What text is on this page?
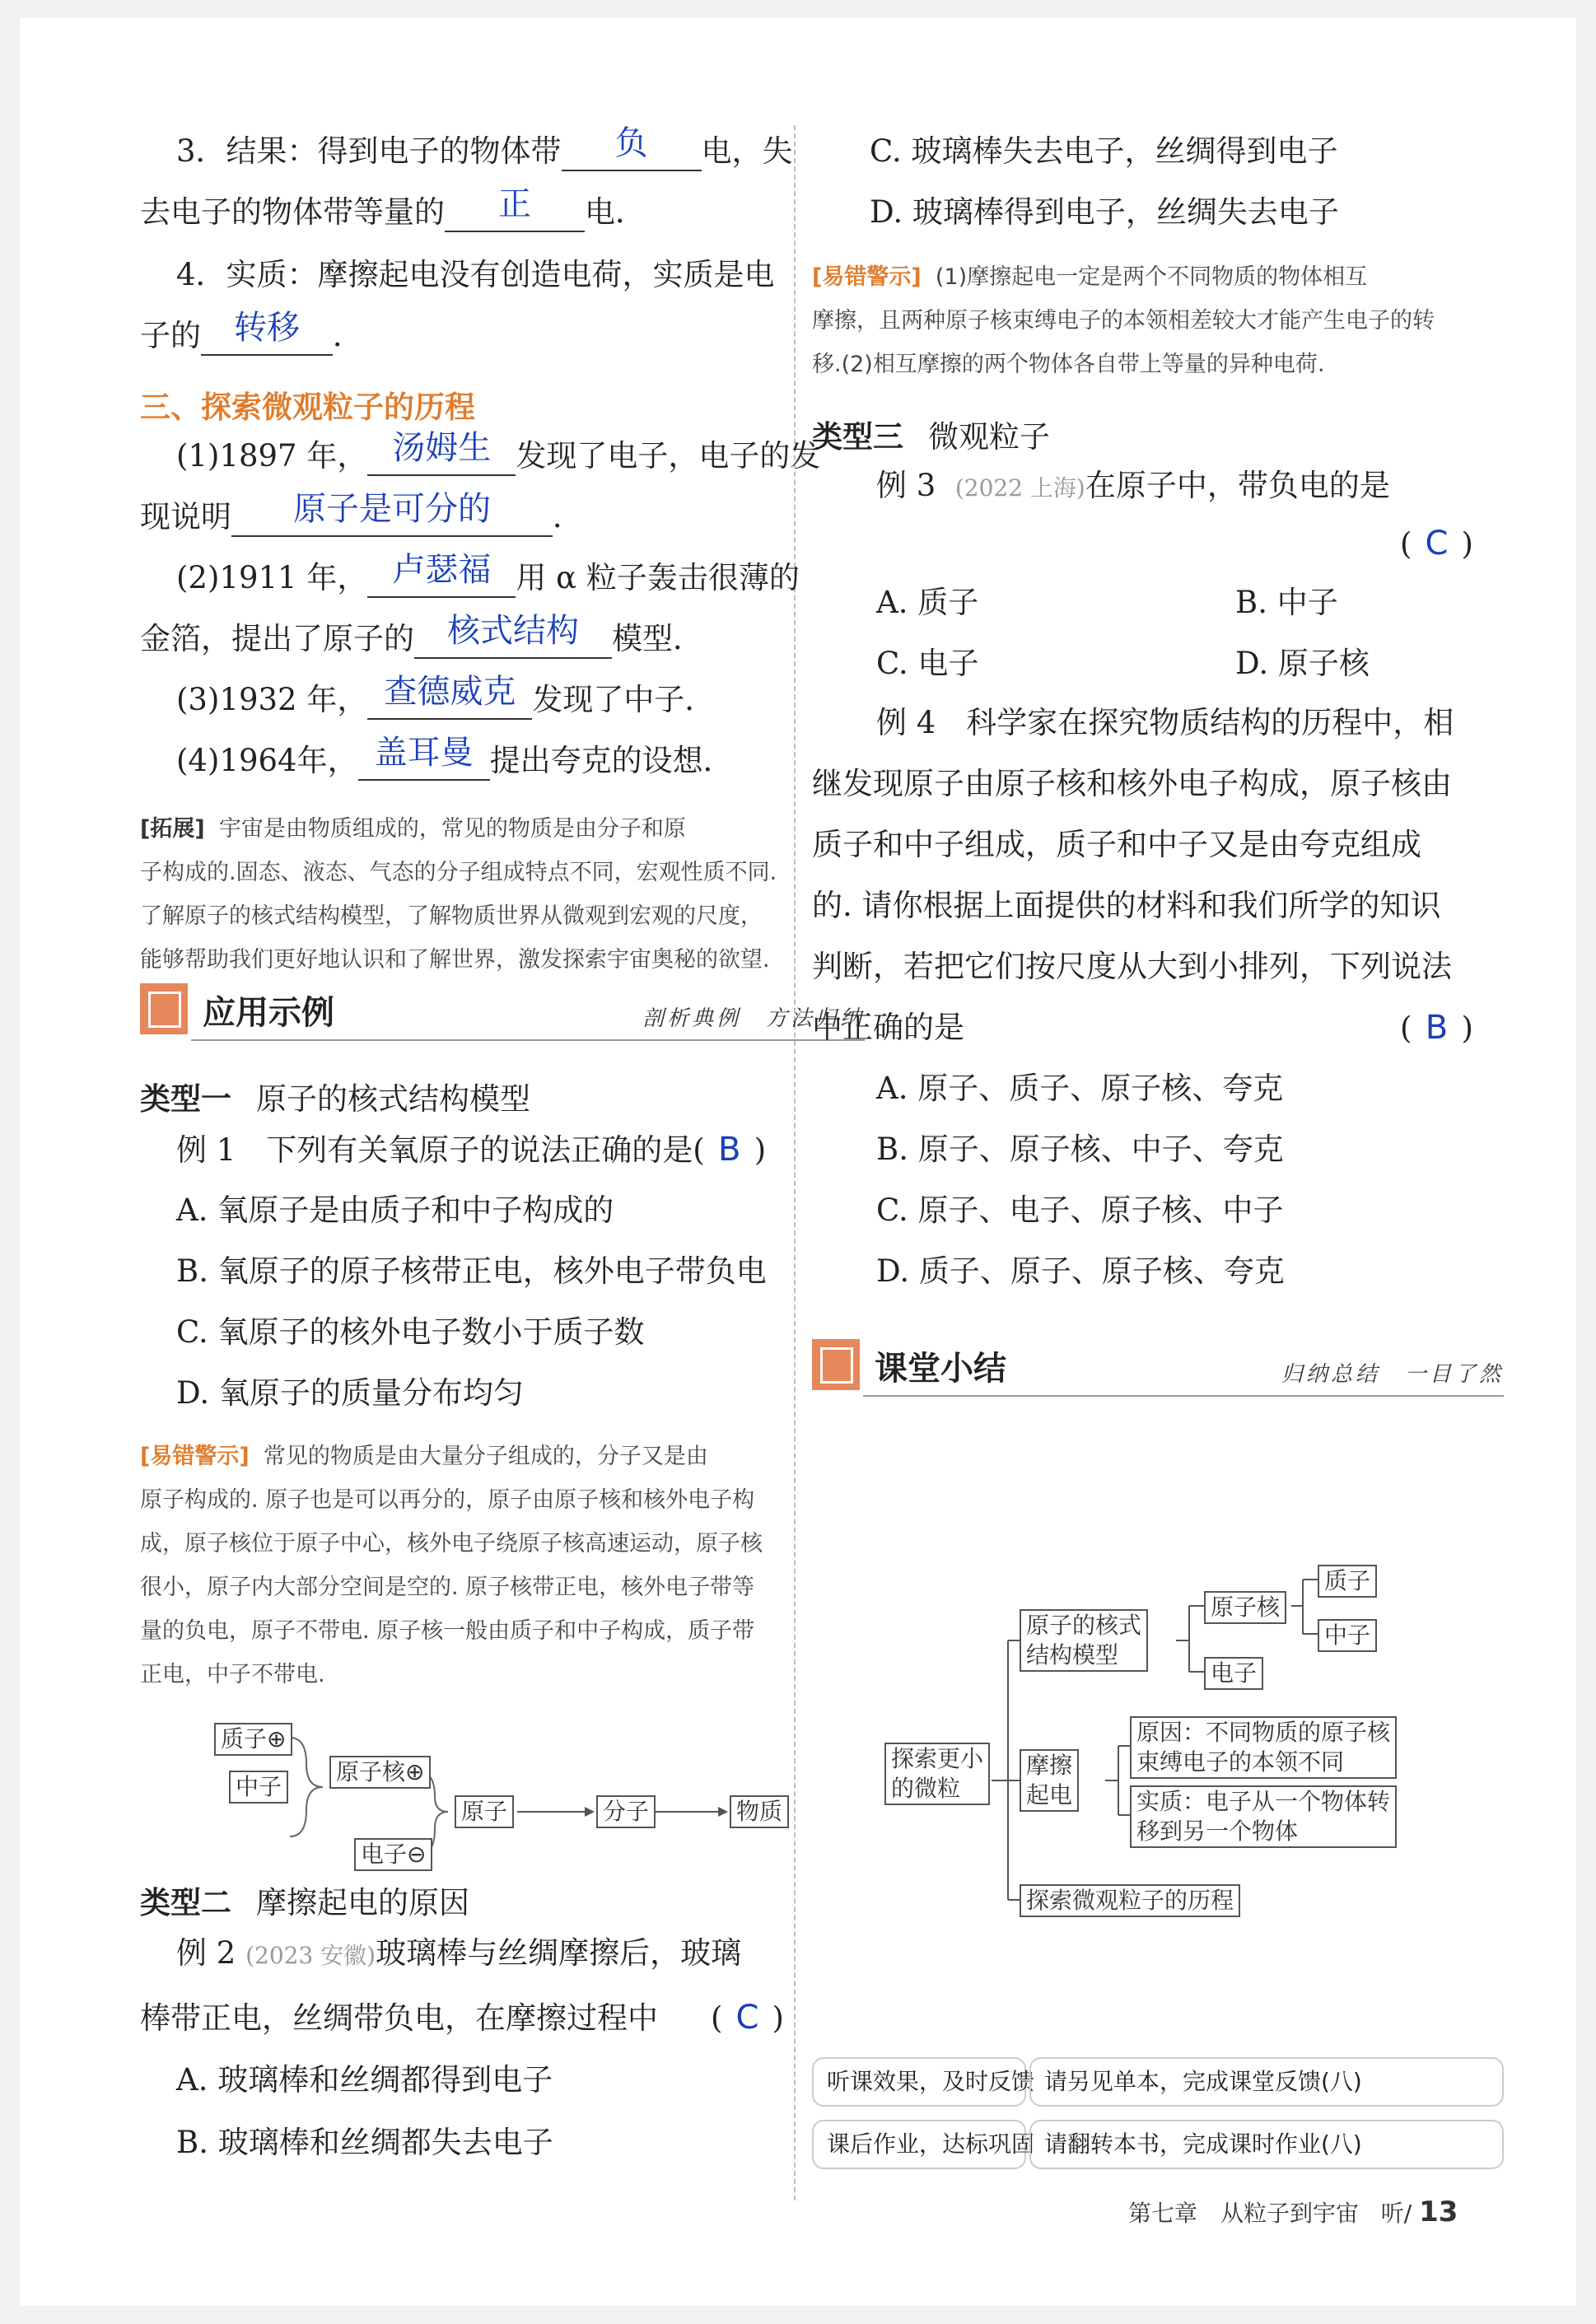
3．结果：得到电子的物体带	负	电，失
去电子的物体带等量的	正	电．
4．实质：摩擦起电没有创造电荷，实质是电
子的	转移	．
三、探索微观粒子的历程
(1)1897 年， 汤姆生 发现了电子，电子的发
现说明	原子是可分的	．
(2)1911 年， 卢瑟福 用 α 粒子轰击很薄的
金箔，提出了原子的	核式结构	模型．
(3)1932 年， 查德威克 发现了中子．
(4)1964年， 盖耳曼 提出夸克的设想．
[拓展] 宇宙是由物质组成的，常见的物质是由分子和原
子构成的.固态、液态、气态的分子组成特点不同，宏观性质不同.
了解原子的核式结构模型，了解物质世界从微观到宏观的尺度，
能够帮助我们更好地认识和了解世界，激发探索宇宙奥秘的欲望.
应用示例	剖析典例　方法归纳
类型一 原子的核式结构模型
例 1　下列有关氧原子的说法正确的是( B )
A. 氧原子是由质子和中子构成的
B. 氧原子的原子核带正电，核外电子带负电
C. 氧原子的核外电子数小于质子数
D. 氧原子的质量分布均匀
[易错警示] 常见的物质是由大量分子组成的，分子又是由
原子构成的. 原子也是可以再分的，原子由原子核和核外电子构
成，原子核位于原子中心，核外电子绕原子核高速运动，原子核
很小，原子内大部分空间是空的. 原子核带正电，核外电子带等
量的负电，原子不带电. 原子核一般由质子和中子构成，质子带
正电，中子不带电.
质子⊕
中子
原子核⊕
电子⊖
原子	分子	物质
类型二 摩擦起电的原因
例 2 (2023 安徽)玻璃棒与丝绸摩擦后，玻璃
棒带正电，丝绸带负电，在摩擦过程中 ( C )
A. 玻璃棒和丝绸都得到电子
B. 玻璃棒和丝绸都失去电子
C. 玻璃棒失去电子，丝绸得到电子
D. 玻璃棒得到电子，丝绸失去电子
[易错警示] (1)摩擦起电一定是两个不同物质的物体相互
摩擦，且两种原子核束缚电子的本领相差较大才能产生电子的转
移.(2)相互摩擦的两个物体各自带上等量的异种电荷.
类型三 微观粒子
例 3 (2022 上海)在原子中，带负电的是
( C )
A. 质子	B. 中子
C. 电子	D. 原子核
例 4　科学家在探究物质结构的历程中，相
继发现原子由原子核和核外电子构成，原子核由
质子和中子组成，质子和中子又是由夸克组成
的. 请你根据上面提供的材料和我们所学的知识
判断，若把它们按尺度从大到小排列，下列说法
中正确的是	( B )
A. 原子、质子、原子核、夸克
B. 原子、原子核、中子、夸克
C. 原子、电子、原子核、中子
D. 质子、原子、原子核、夸克
课堂小结	归纳总结　一目了然
探索更小
的微粒
原子的核式
结构模型
原子核
质子
中子
电子
摩擦
起电
原因：不同物质的原子核
束缚电子的本领不同
实质：电子从一个物体转
移到另一个物体
探索微观粒子的历程
听课效果，及时反馈 请另见单本，完成课堂反馈(八)
课后作业，达标巩固 请翻转本书，完成课时作业(八)
第七章　从粒子到宇宙 听/ 13
